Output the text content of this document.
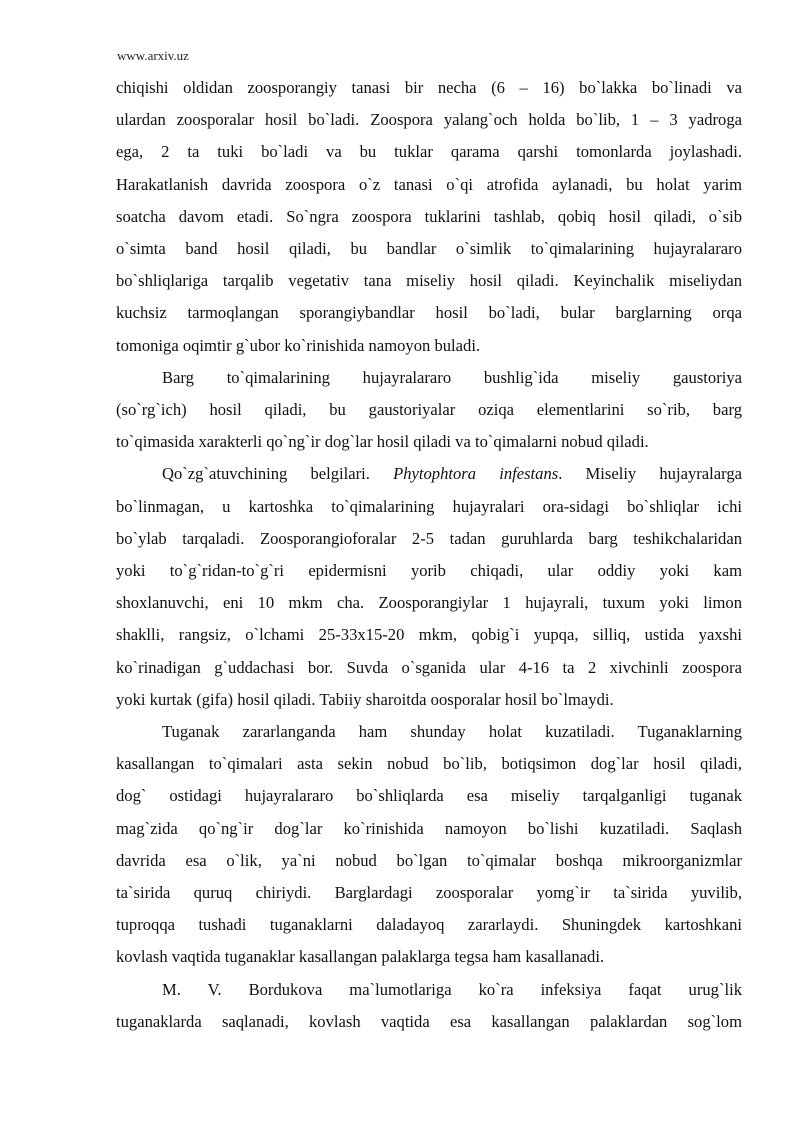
www.arxiv.uz

chiqishi oldidan zoosporangiy tanasi bir necha (6 – 16) bo`lakka bo`linadi va
ulardan zoosporalar hosil bo`ladi. Zoospora yalang`och holda bo`lib, 1 – 3 yadroga
ega, 2 ta tuki bo`ladi va bu tuklar qarama qarshi tomonlarda joylashadi.
Harakatlanish davrida zoospora o`z tanasi o`qi atrofida aylanadi, bu holat yarim
soatcha davom etadi. So`ngra zoospora tuklarini tashlab, qobiq hosil qiladi, o`sib
o`simta band hosil qiladi, bu bandlar o`simlik to`qimalarining hujayralararo
bo`shliqlariga tarqalib vegetativ tana miseliy hosil qiladi. Keyinchalik miseliydan
kuchsiz tarmoqlangan sporangiybandlar hosil bo`ladi, bular barglarning orqa
tomoniga oqimtir g`ubor ko`rinishida namoyon buladi.
Barg to`qimalarining hujayralararo bushlig`ida miseliy gaustoriya
(so`rg`ich) hosil qiladi, bu gaustoriyalar oziqa elementlarini so`rib, barg
to`qimasida xarakterli qo`ng`ir dog`lar hosil qiladi va to`qimalarni nobud qiladi.
Qo`zg`atuvchining belgilari. Phytophtora infestans. Miseliy hujayralarga
bo`linmagan, u kartoshka to`qimalarining hujayralari ora-sidagi bo`shliqlar ichi
bo`ylab tarqaladi. Zoosporangioforalar 2-5 tadan guruhlarda barg teshikchalaridan
yoki to`g`ridan-to`g`ri epidermisni yorib chiqadi, ular oddiy yoki kam
shoxlanuvchi, eni 10 mkm cha. Zoosporangiylar 1 hujayrali, tuxum yoki limon
shaklli, rangsiz, o`lchami 25-33x15-20 mkm, qobig`i yupqa, silliq, ustida yaxshi
ko`rinadigan g`uddachasi bor. Suvda o`sganida ular 4-16 ta 2 xivchinli zoospora
yoki kurtak (gifa) hosil qiladi. Tabiiy sharoitda oosporalar hosil bo`lmaydi.
Tuganak zararlanganda ham shunday holat kuzatiladi. Tuganaklarning
kasallangan to`qimalari asta sekin nobud bo`lib, botiqsimon dog`lar hosil qiladi,
dog` ostidagi hujayralararo bo`shliqlarda esa miseliy tarqalganligi tuganak
mag`zida qo`ng`ir dog`lar ko`rinishida namoyon bo`lishi kuzatiladi. Saqlash
davrida esa o`lik, ya`ni nobud bo`lgan to`qimalar boshqa mikroorganizmlar
ta`sirida quruq chiriydi. Barglardagi zoosporalar yomg`ir ta`sirida yuvilib,
tuproqqa tushadi tuganaklarni daladayoq zararlaydi. Shuningdek kartoshkani
kovlash vaqtida tuganaklar kasallangan palaklarga tegsa ham kasallanadi.
M. V. Bordukova ma`lumotlariga ko`ra infeksiya faqat urug`lik
tuganaklarda saqlanadi, kovlash vaqtida esa kasallangan palaklardan sog`lom
